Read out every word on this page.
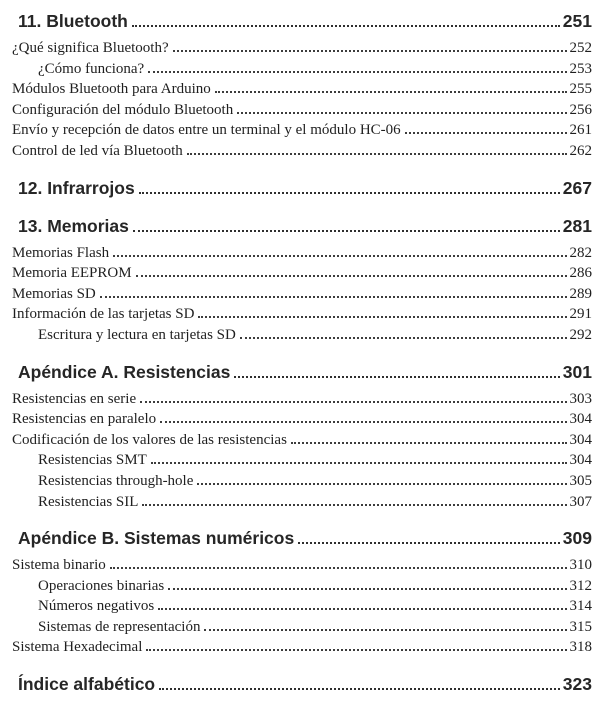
11. Bluetooth	251
¿Qué significa Bluetooth?	252
¿Cómo funciona?	253
Módulos Bluetooth para Arduino	255
Configuración del módulo Bluetooth	256
Envío y recepción de datos entre un terminal y el módulo HC-06	261
Control de led vía Bluetooth	262
12. Infrarrojos	267
13. Memorias	281
Memorias Flash	282
Memoria EEPROM	286
Memorias SD	289
Información de las tarjetas SD	291
Escritura y lectura en tarjetas SD	292
Apéndice A. Resistencias	301
Resistencias en serie	303
Resistencias en paralelo	304
Codificación de los valores de las resistencias	304
Resistencias SMT	304
Resistencias through-hole	305
Resistencias SIL	307
Apéndice B. Sistemas numéricos	309
Sistema binario	310
Operaciones binarias	312
Números negativos	314
Sistemas de representación	315
Sistema Hexadecimal	318
Índice alfabético	323
